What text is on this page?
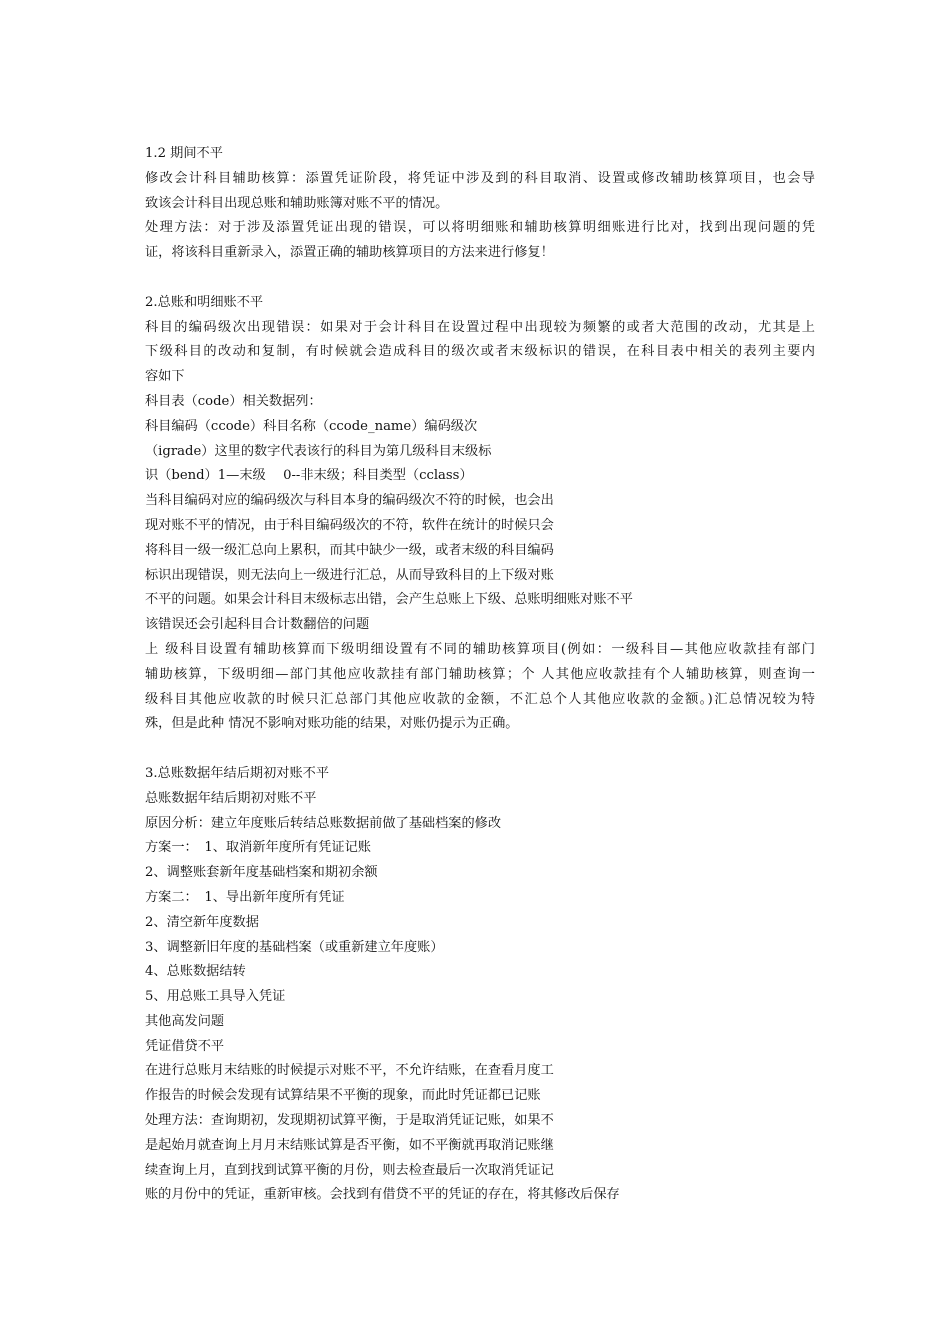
1.2 期间不平
修改会计科目辅助核算：添置凭证阶段，将凭证中涉及到的科目取消、设置或修改辅助核算项目，也会导
致该会计科目出现总账和辅助账簿对账不平的情况。
处理方法：对于涉及添置凭证出现的错误，可以将明细账和辅助核算明细账进行比对，找到出现问题的凭
证，将该科目重新录入，添置正确的辅助核算项目的方法来进行修复！
2.总账和明细账不平
科目的编码级次出现错误：如果对于会计科目在设置过程中出现较为频繁的或者大范围的改动，尤其是上
下级科目的改动和复制，有时候就会造成科目的级次或者末级标识的错误，在科目表中相关的表列主要内
容如下
科目表（code）相关数据列：
科目编码（ccode）科目名称（ccode_name）编码级次
（igrade）这里的数字代表该行的科目为第几级科目末级标
识（bend）1—末级　 0--非末级；科目类型（cclass）
当科目编码对应的编码级次与科目本身的编码级次不符的时候，也会出
现对账不平的情况，由于科目编码级次的不符，软件在统计的时候只会
将科目一级一级汇总向上累积，而其中缺少一级，或者末级的科目编码
标识出现错误，则无法向上一级进行汇总，从而导致科目的上下级对账
不平的问题。如果会计科目末级标志出错，会产生总账上下级、总账明细账对账不平
该错误还会引起科目合计数翻倍的问题
上 级科目设置有辅助核算而下级明细设置有不同的辅助核算项目(例如：一级科目—其他应收款挂有部门
辅助核算，下级明细—部门其他应收款挂有部门辅助核算；个 人其他应收款挂有个人辅助核算，则查询一
级科目其他应收款的时候只汇总部门其他应收款的金额，不汇总个人其他应收款的金额。)汇总情况较为特
殊，但是此种 情况不影响对账功能的结果，对账仍提示为正确。
3.总账数据年结后期初对账不平
总账数据年结后期初对账不平
原因分析：建立年度账后转结总账数据前做了基础档案的修改
方案一：　1、取消新年度所有凭证记账
2、调整账套新年度基础档案和期初余额
方案二：　1、导出新年度所有凭证
2、清空新年度数据
3、调整新旧年度的基础档案（或重新建立年度账）
4、总账数据结转
5、用总账工具导入凭证
其他高发问题
凭证借贷不平
在进行总账月末结账的时候提示对账不平，不允许结账，在查看月度工
作报告的时候会发现有试算结果不平衡的现象，而此时凭证都已记账
处理方法：查询期初，发现期初试算平衡，于是取消凭证记账，如果不
是起始月就查询上月月末结账试算是否平衡，如不平衡就再取消记账继
续查询上月，直到找到试算平衡的月份，则去检查最后一次取消凭证记
账的月份中的凭证，重新审核。会找到有借贷不平的凭证的存在，将其修改后保存
